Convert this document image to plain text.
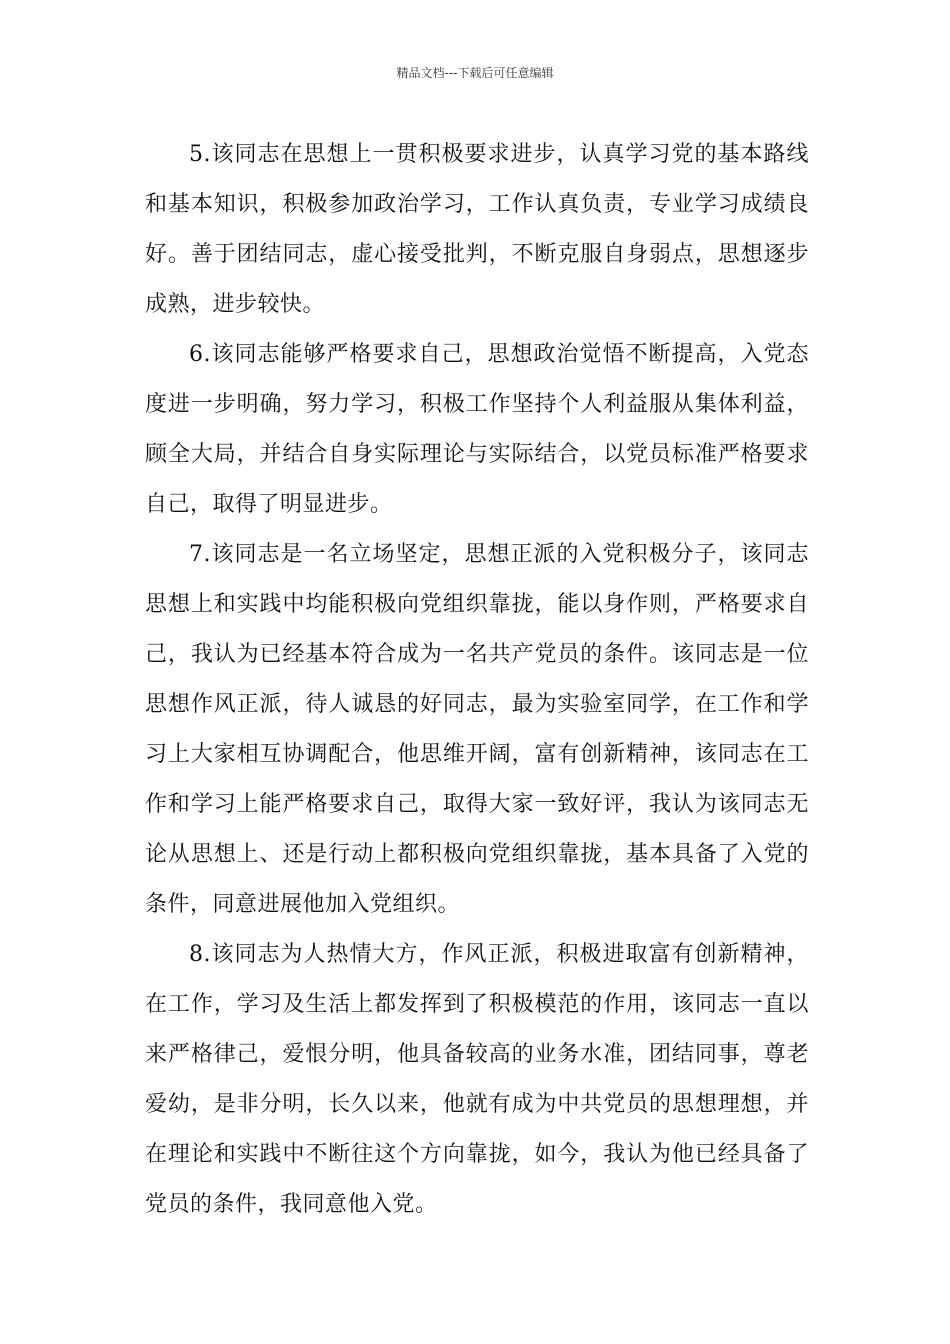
精品文档---下载后可任意编辑

5.该同志在思想上一贯积极要求进步，认真学习党的基本路线和基本知识，积极参加政治学习，工作认真负责，专业学习成绩良好。善于团结同志，虚心接受批判，不断克服自身弱点，思想逐步成熟，进步较快。

6.该同志能够严格要求自己，思想政治觉悟不断提高，入党态度进一步明确，努力学习，积极工作坚持个人利益服从集体利益，顾全大局，并结合自身实际理论与实际结合，以党员标准严格要求自己，取得了明显进步。

7.该同志是一名立场坚定，思想正派的入党积极分子，该同志思想上和实践中均能积极向党组织靠拢，能以身作则，严格要求自己，我认为已经基本符合成为一名共产党员的条件。该同志是一位思想作风正派，待人诚恳的好同志，最为实验室同学，在工作和学习上大家相互协调配合，他思维开阔，富有创新精神，该同志在工作和学习上能严格要求自己，取得大家一致好评，我认为该同志无论从思想上、还是行动上都积极向党组织靠拢，基本具备了入党的条件，同意进展他加入党组织。

8.该同志为人热情大方，作风正派，积极进取富有创新精神，在工作，学习及生活上都发挥到了积极模范的作用，该同志一直以来严格律己，爱恨分明，他具备较高的业务水准，团结同事，尊老爱幼，是非分明，长久以来，他就有成为中共党员的思想理想，并在理论和实践中不断往这个方向靠拢，如今，我认为他已经具备了党员的条件，我同意他入党。
